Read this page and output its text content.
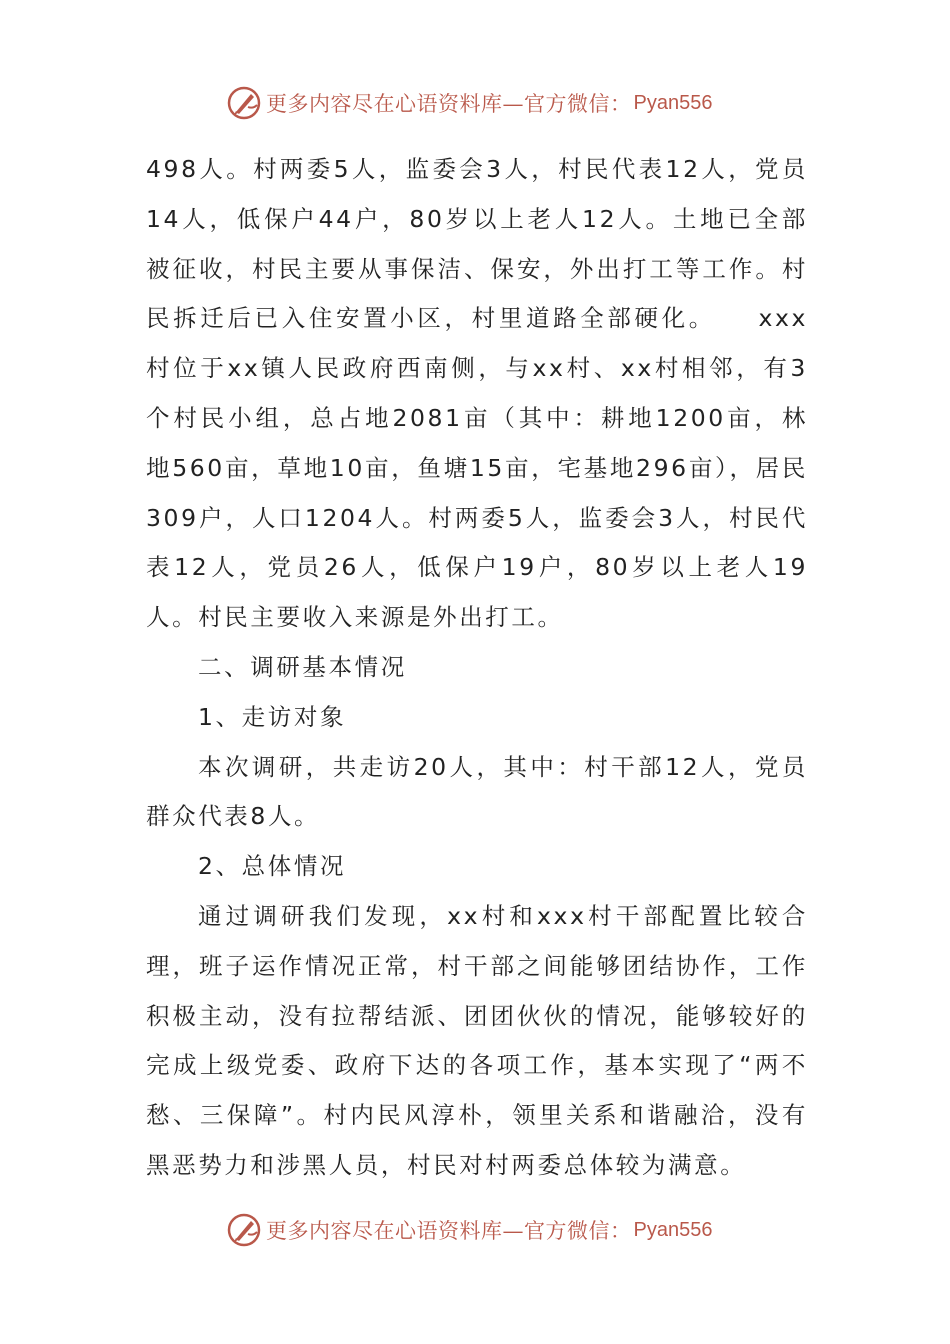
更多内容尽在心语资料库—官方微信： Pyan556

498人。村两委5人，监委会3人，村民代表12人，党员14人，低保户44户，80岁以上老人12人。土地已全部被征收，村民主要从事保洁、保安，外出打工等工作。村民拆迁后已入住安置小区，村里道路全部硬化。　　xxx村位于xx镇人民政府西南侧，与xx村、xx村相邻，有3个村民小组，总占地2081亩（其中：耕地1200亩，林地560亩，草地10亩，鱼塘15亩，宅基地296亩），居民309户，人口1204人。村两委5人，监委会3人，村民代表12人，党员26人，低保户19户，80岁以上老人19人。村民主要收入来源是外出打工。

二、调研基本情况

1、走访对象

本次调研，共走访20人，其中：村干部12人，党员群众代表8人。

2、总体情况

通过调研我们发现，xx村和xxx村干部配置比较合理，班子运作情况正常，村干部之间能够团结协作，工作积极主动，没有拉帮结派、团团伙伙的情况，能够较好的完成上级党委、政府下达的各项工作，基本实现了“两不愁、三保障”。村内民风淳朴，领里关系和谐融洽，没有黑恶势力和涉黑人员，村民对村两委总体较为满意。

更多内容尽在心语资料库—官方微信： Pyan556
